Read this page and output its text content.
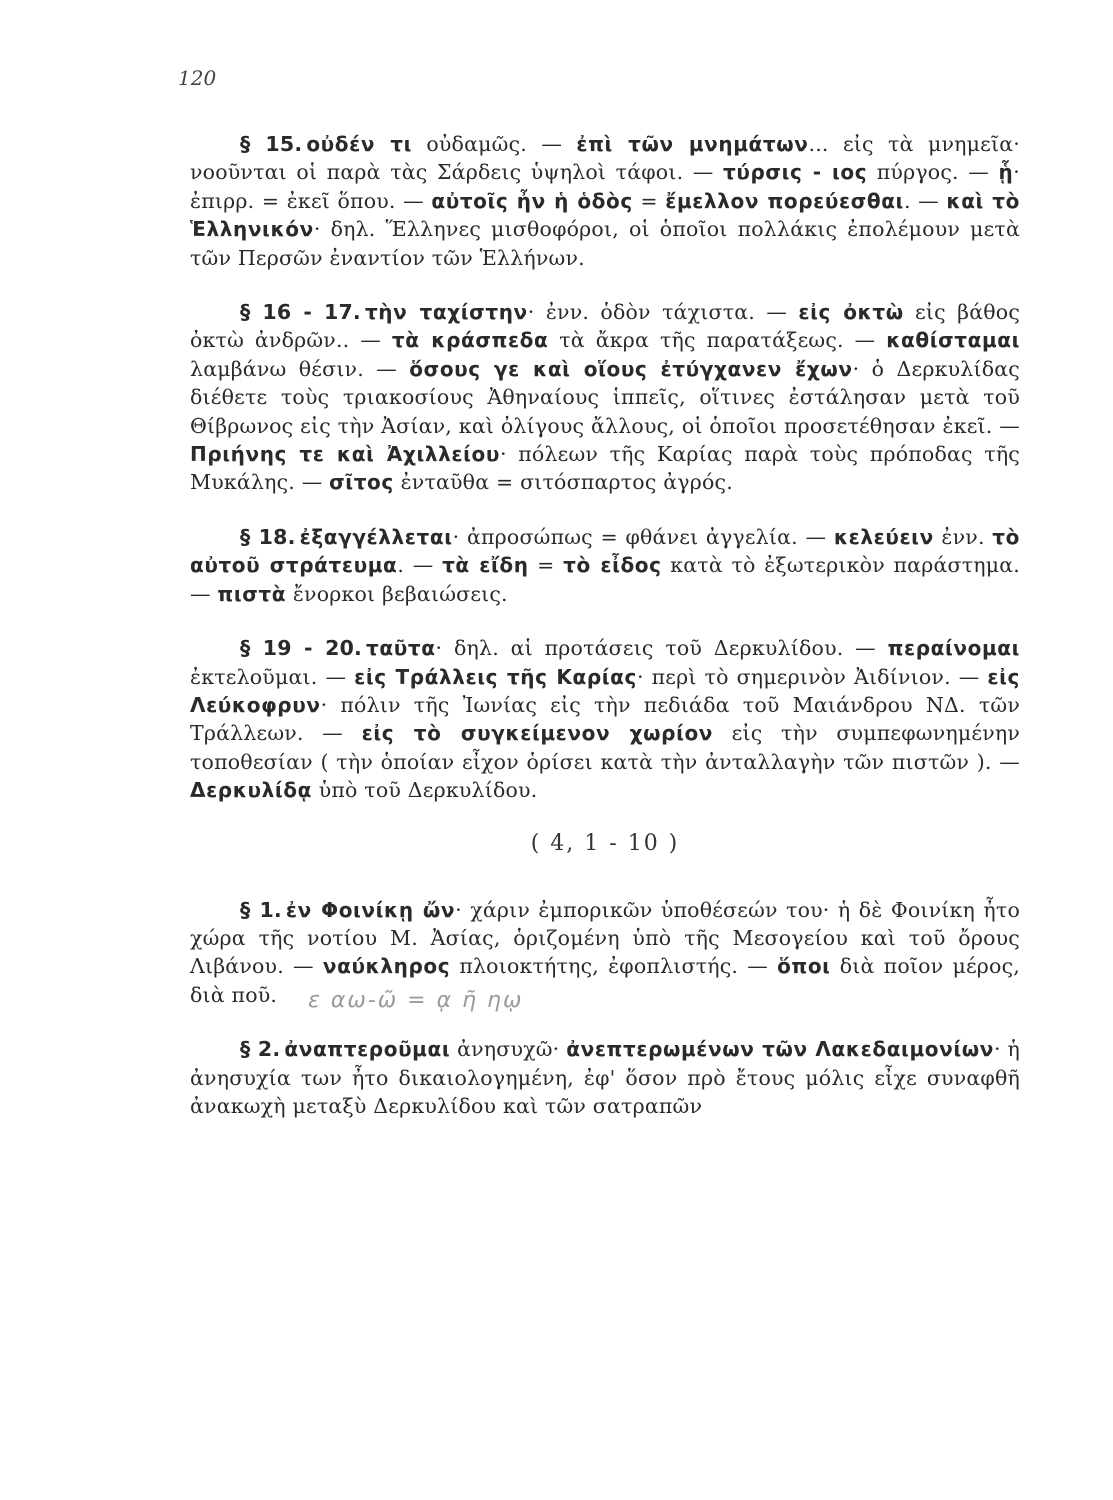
120

§ 15. οὐδέν τι οὐδαμῶς. — ἐπὶ τῶν μνημάτων... εἰς τὰ μνημεῖα· νοοῦνται οἱ παρὰ τὰς Σάρδεις ὑψηλοὶ τάφοι. — τύρσις - ιος πύργος. — ᾗ· ἐπιρρ. = ἐκεῖ ὅπου. — αὐτοῖς ἦν ἡ ὁδὸς = ἔμελλον πορεύεσθαι. — καὶ τὸ Ἑλληνικόν· δηλ. Ἕλληνες μισθοφόροι, οἱ ὁποῖοι πολλάκις ἐπολέμουν μετὰ τῶν Περσῶν ἐναντίον τῶν Ἑλλήνων.

§ 16 - 17. τὴν ταχίστην· ἐνν. ὁδὸν τάχιστα. — εἰς ὀκτὼ εἰς βάθος ὀκτὼ ἀνδρῶν.. — τὰ κράσπεδα τὰ ἄκρα τῆς παρατάξεως. — καθίσταμαι λαμβάνω θέσιν. — ὅσους γε καὶ οἵους ἐτύγχανεν ἔχων· ὁ Δερκυλίδας διέθετε τοὺς τριακοσίους Ἀθηναίους ἱππεῖς, οἵτινες ἐστάλησαν μετὰ τοῦ Θίβρωνος εἰς τὴν Ἀσίαν, καὶ ὀλίγους ἄλλους, οἱ ὁποῖοι πρoσετέθησαν ἐκεῖ. — Πριήνης τε καὶ Ἀχιλλείου· πόλεων τῆς Καρίας παρὰ τοὺς πρόποδας τῆς Μυκάλης. — σῖτος ἐνταῦθα = σιτόσπαρτος ἀγρός.

§ 18. ἐξαγγέλλεται· ἀπροσώπως = φθάνει ἀγγελία. — κελεύειν ἐνν. τὸ αὐτοῦ στράτευμα. — τὰ εἴδη = τὸ εἶδος κατὰ τὸ ἐξωτερικὸν παράστημα. — πιστὰ ἔνορκοι βεβαιώσεις.

§ 19 - 20. ταῦτα· δηλ. αἱ προτάσεις τοῦ Δερκυλίδου. — περαίνομαι ἐκτελοῦμαι. — εἰς Τράλλεις τῆς Καρίας· περὶ τὸ σημερινὸν Ἀιδίνιον. — εἰς Λεύκοφρυν· πόλιν τῆς Ἰωνίας εἰς τὴν πεδιάδα τοῦ Μαιάνδρου ΝΔ. τῶν Τράλλεων. — εἰς τὸ συγκείμενον χωρίον εἰς τὴν συμπεφωνημένην τοποθεσίαν ( τὴν ὁποίαν εἶχον ὁρίσει κατὰ τὴν ἀνταλλαγὴν τῶν πιστῶν ). — Δερκυλίδᾳ ὑπὸ τοῦ Δερκυλίδου.

( 4, 1 - 10 )

§ 1. ἐν Φοινίκῃ ὤν· χάριν ἐμπορικῶν ὑποθέσεών του· ἡ δὲ Φοινίκη ἦτο χώρα τῆς νοτίου Μ. Ἀσίας, ὁριζομένη ὑπὸ τῆς Μεσογείου καὶ τοῦ ὄρους Λιβάνου. — ναύκληρος πλοιοκτήτης, ἐφοπλιστής. — ὅποι διὰ ποῖον μέρος, διὰ ποῦ.

§ 2. ἀναπτεροῦμαι ἀνησυχῶ· ἀνεπτερωμένων τῶν Λακεδαιμονίων· ἡ ἀνησυχία των ἦτο δικαιολογημένη, ἐφ' ὅσον πρὸ ἔτους μόλις εἶχε συναφθῆ ἀνακωχὴ μεταξὺ Δερκυλίδου καὶ τῶν σατραπῶν

ε αω-ῶ = ᾳ ῆ ηῳ
